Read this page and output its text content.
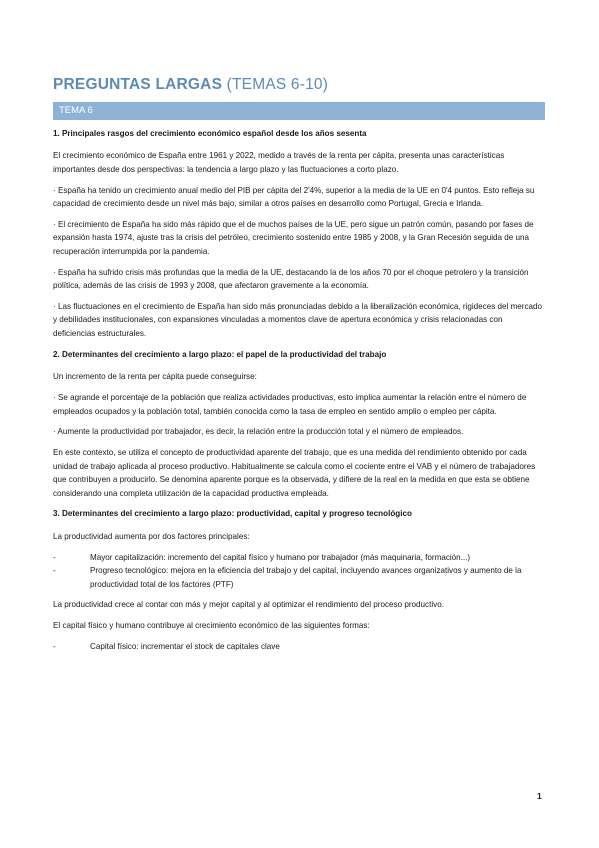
PREGUNTAS LARGAS (TEMAS 6-10)
TEMA 6

1. Principales rasgos del crecimiento económico español desde los años sesenta

El crecimiento económico de España entre 1961 y 2022, medido a través de la renta per cápita, presenta unas características importantes desde dos perspectivas: la tendencia a largo plazo y las fluctuaciones a corto plazo.

· España ha tenido un crecimiento anual medio del PIB per cápita del 2'4%, superior a la media de la UE en 0'4 puntos. Esto refleja su capacidad de crecimiento desde un nivel más bajo, similar a otros países en desarrollo como Portugal, Grecia e Irlanda.

· El crecimiento de España ha sido más rápido que el de muchos países de la UE, pero sigue un patrón común, pasando por fases de expansión hasta 1974, ajuste tras la crisis del petróleo, crecimiento sostenido entre 1985 y 2008, y la Gran Recesión seguida de una recuperación interrumpida por la pandemia.

· España ha sufrido crisis más profundas que la media de la UE, destacando la de los años 70 por el choque petrolero y la transición política, además de las crisis de 1993 y 2008, que afectaron gravemente a la economía.

· Las fluctuaciones en el crecimiento de España han sido más pronunciadas debido a la liberalización económica, rigideces del mercado y debilidades institucionales, con expansiones vinculadas a momentos clave de apertura económica y crisis relacionadas con deficiencias estructurales.

2. Determinantes del crecimiento a largo plazo: el papel de la productividad del trabajo

Un incremento de la renta per cápita puede conseguirse:

· Se agrande el porcentaje de la población que realiza actividades productivas, esto implica aumentar la relación entre el número de empleados ocupados y la población total, también conocida como la tasa de empleo en sentido amplio o empleo per cápita.

· Aumente la productividad por trabajador, es decir, la relación entre la producción total y el número de empleados.

En este contexto, se utiliza el concepto de productividad aparente del trabajo, que es una medida del rendimiento obtenido por cada unidad de trabajo aplicada al proceso productivo. Habitualmente se calcula como el cociente entre el VAB y el número de trabajadores que contribuyen a producirlo. Se denomina aparente porque es la observada, y difiere de la real en la medida en que esta se obtiene considerando una completa utilización de la capacidad productiva empleada.

3. Determinantes del crecimiento a largo plazo: productividad, capital y progreso tecnológico

La productividad aumenta por dos factores principales:

-	Mayor capitalización: incremento del capital físico y humano por trabajador (más maquinaria, formación...)
-	Progreso tecnológico: mejora en la eficiencia del trabajo y del capital, incluyendo avances organizativos y aumento de la productividad total de los factores (PTF)

La productividad crece al contar con más y mejor capital y al optimizar el rendimiento del proceso productivo.

El capital físico y humano contribuye al crecimiento económico de las siguientes formas:

-	Capital físico: incrementar el stock de capitales clave
1
